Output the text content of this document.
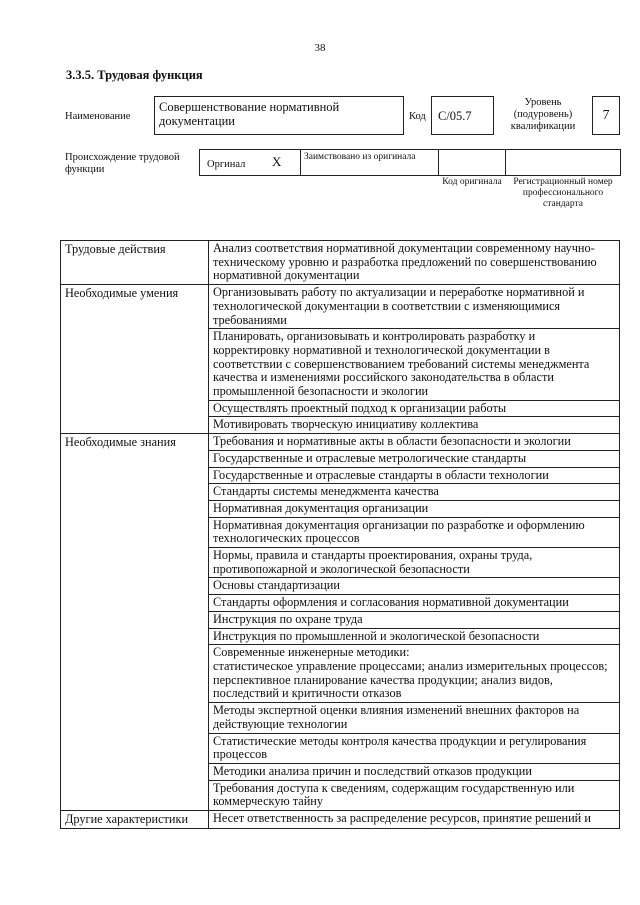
38
3.3.5. Трудовая функция
Наименование
Совершенствование нормативной документации	Код С/05.7
Уровень (подуровень) квалификации
7
Происхождение трудовой функции	Оргинал X Заимствовано из оригинала
Код оригинала	Регистрационный номер профессионального стандарта
Трудовые действия	Анализ соответствия нормативной документации современному научно-техническому уровню и разработка предложений по совершенствованию нормативной документации
Необходимые умения	Организовывать работу по актуализации и переработке нормативной и технологической документации в соответствии с изменяющимися требованиями
	Планировать, организовывать и контролировать разработку и корректировку нормативной и технологической документации в соответствии с совершенствованием требований системы менеджмента качества и изменениями российского законодательства в области промышленной безопасности и экологии
	Осуществлять проектный подход к организации работы
	Мотивировать творческую инициативу коллектива
Необходимые знания	Требования и нормативные акты в области безопасности и экологии
	Государственные и отраслевые метрологические стандарты
	Государственные и отраслевые стандарты в области технологии
	Стандарты системы менеджмента качества
	Нормативная документация организации
	Нормативная документация организации по разработке и оформлению технологических процессов
	Нормы, правила и стандарты проектирования, охраны труда, противопожарной и экологической безопасности
	Основы стандартизации
	Стандарты оформления и согласования нормативной документации
	Инструкция по охране труда
	Инструкция по промышленной и экологической безопасности
	Современные инженерные методики:
статистическое управление процессами; анализ измерительных процессов; перспективное планирование качества продукции; анализ видов, последствий и критичности отказов
	Методы экспертной оценки влияния изменений внешних факторов на действующие технологии
	Статистические методы контроля качества продукции и регулирования процессов
	Методики анализа причин и последствий отказов продукции
	Требования доступа к сведениям, содержащим государственную или коммерческую тайну
Другие характеристики	Несет ответственность за распределение ресурсов, принятие решений и
